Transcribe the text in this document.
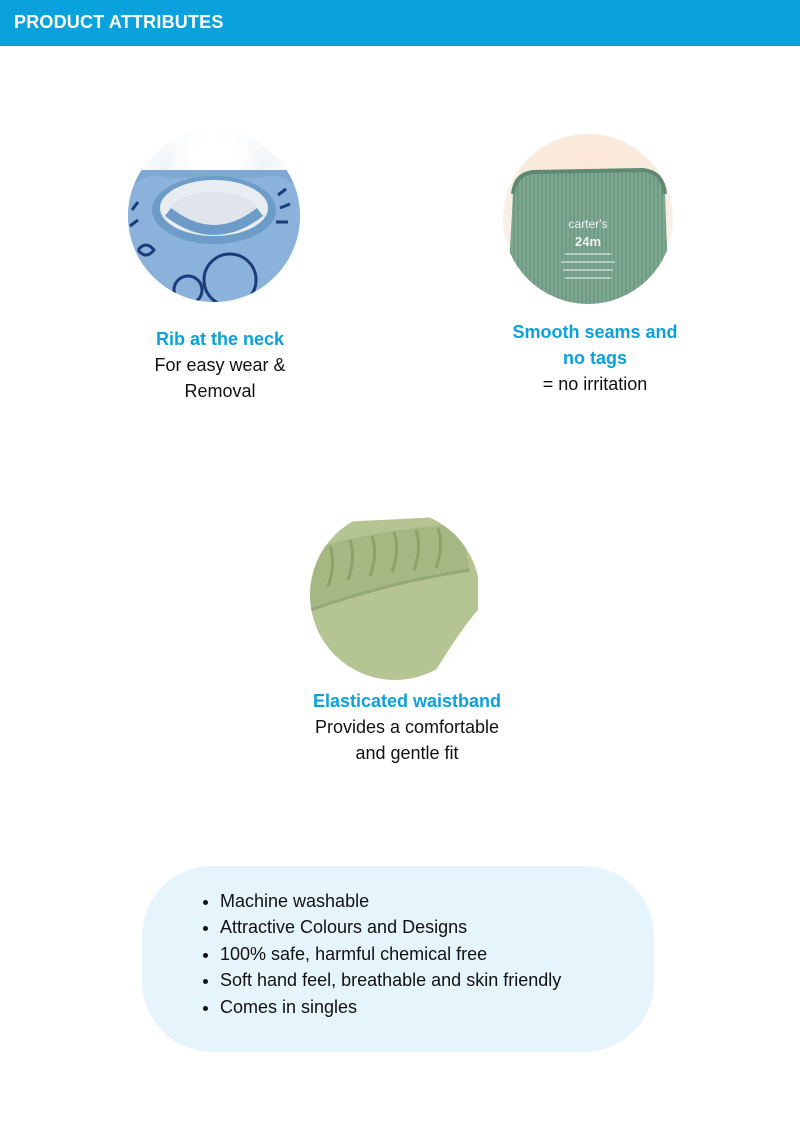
PRODUCT ATTRIBUTES
Rib at the neck
For easy wear &
Removal
carter's
24m
Smooth seams and
no tags
= no irritation
Elasticated waistband
Provides a comfortable
and gentle fit
• Machine washable
• Attractive Colours and Designs
• 100% safe, harmful chemical free
• Soft hand feel, breathable and skin friendly
• Comes in singles
